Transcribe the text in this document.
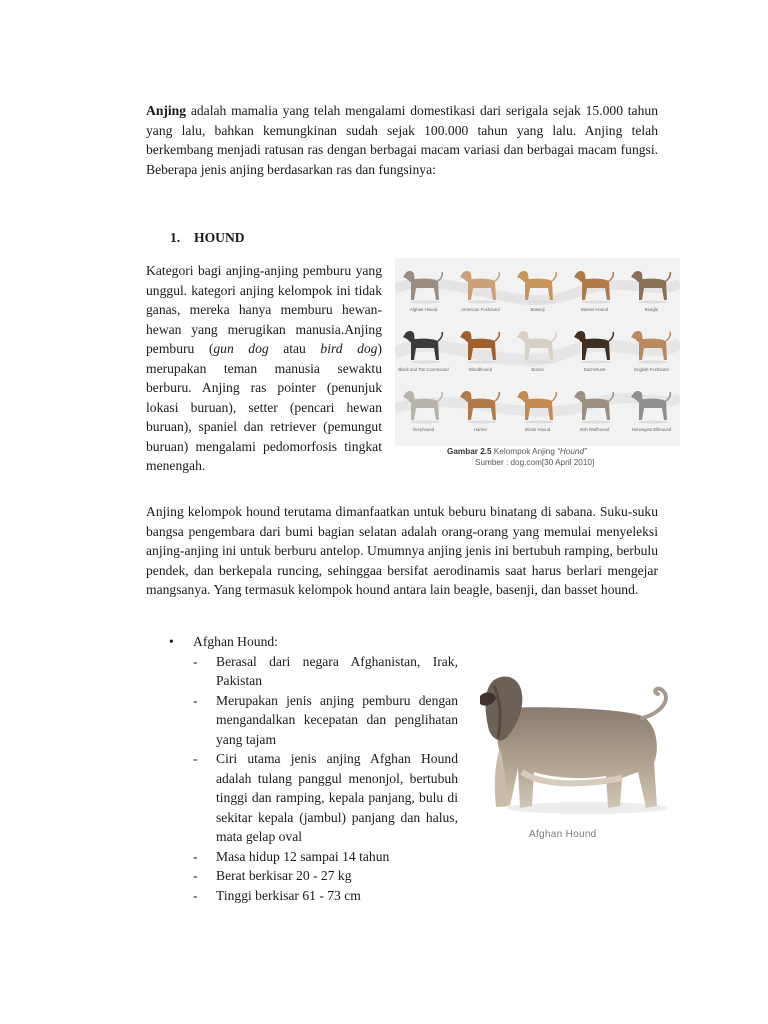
Anjing adalah mamalia yang telah mengalami domestikasi dari serigala sejak 15.000 tahun yang lalu, bahkan kemungkinan sudah sejak 100.000 tahun yang lalu. Anjing telah berkembang menjadi ratusan ras dengan berbagai macam variasi dan berbagai macam fungsi. Beberapa jenis anjing berdasarkan ras dan fungsinya:
1. HOUND
Kategori bagi anjing-anjing pemburu yang unggul. kategori anjing kelompok ini tidak ganas, mereka hanya memburu hewan-hewan yang merugikan manusia.Anjing pemburu (gun dog atau bird dog) merupakan teman manusia sewaktu berburu. Anjing ras pointer (penunjuk lokasi buruan), setter (pencari hewan buruan), spaniel dan retriever (pemungut buruan) mengalami pedomorfosis tingkat menengah.
Afghan Hound	American Foxhound	Basenji	Basset Hound	Beagle
Black and Tan Coonhound	Bloodhound	Borzoi	Dachshund	English Foxhound
Greyhound	Harrier	Ibizan Hound	Irish Wolfhound	Norwegian Elkhound
Gambar 2.5 Kelompok Anjing “Hound”
Sumber : dog.com[30 April 2010]
Anjing kelompok hound terutama dimanfaatkan untuk beburu binatang di sabana. Suku-suku bangsa pengembara dari bumi bagian selatan adalah orang-orang yang memulai menyeleksi anjing-anjing ini untuk berburu antelop. Umumnya anjing jenis ini bertubuh ramping, berbulu pendek, dan berkepala runcing, sehinggaa bersifat aerodinamis saat harus berlari mengejar mangsanya. Yang termasuk kelompok hound antara lain beagle, basenji, dan basset hound.
• Afghan Hound:
- Berasal dari negara Afghanistan, Irak, Pakistan
- Merupakan jenis anjing pemburu dengan mengandalkan kecepatan dan penglihatan yang tajam
- Ciri utama jenis anjing Afghan Hound adalah tulang panggul menonjol, bertubuh tinggi dan ramping, kepala panjang, bulu di sekitar kepala (jambul) panjang dan halus, mata gelap oval
- Masa hidup 12 sampai 14 tahun
- Berat berkisar 20 - 27 kg
- Tinggi berkisar 61 - 73 cm
Afghan Hound
